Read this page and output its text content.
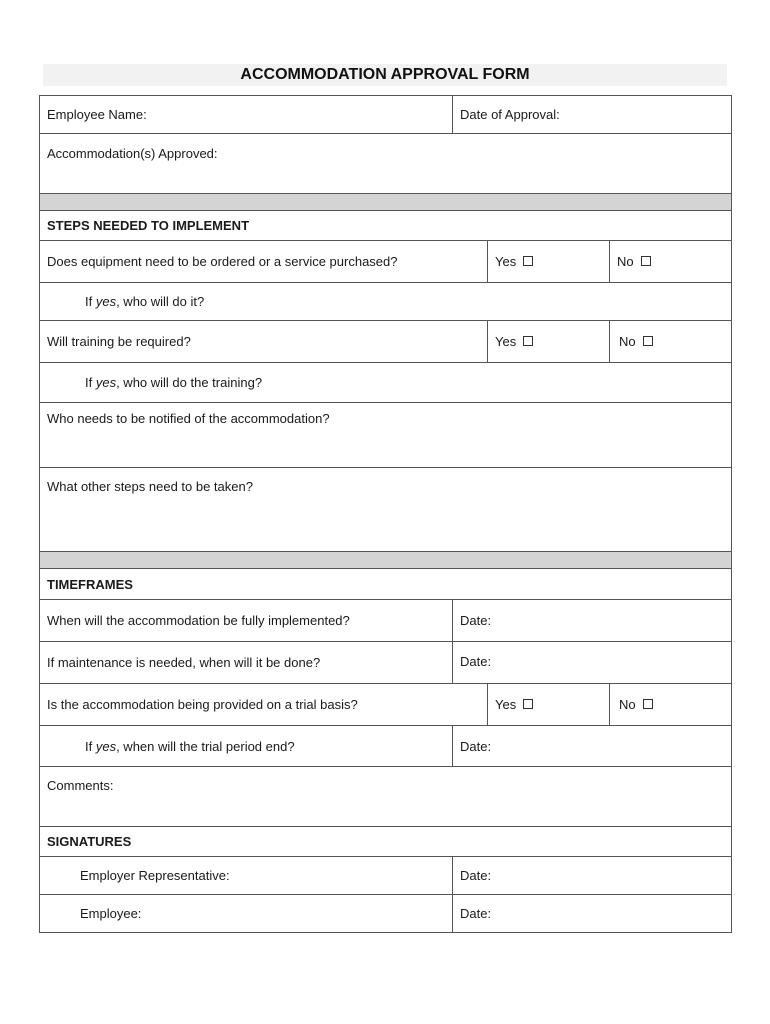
ACCOMMODATION APPROVAL FORM
Employee Name:	Date of Approval:		
Accommodation(s) Approved:			

STEPS NEEDED TO IMPLEMENT			
Does equipment need to be ordered or a service purchased?		Yes	No
If yes, who will do it?			
Will training be required?		Yes	No
If yes, who will do the training?			
Who needs to be notified of the accommodation?			
What other steps need to be taken?			

TIMEFRAMES			
When will the accommodation be fully implemented?	Date:		
If maintenance is needed, when will it be done?	Date:		
Is the accommodation being provided on a trial basis?		Yes	No
If yes, when will the trial period end?	Date:		
Comments:			
SIGNATURES			
Employer Representative:	Date:		
Employee:	Date:		
